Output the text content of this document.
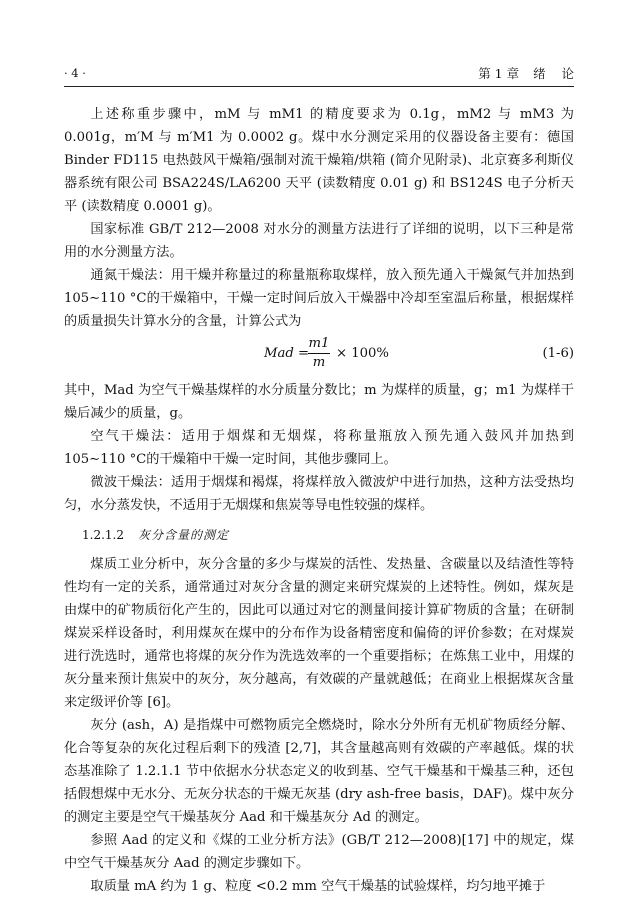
· 4 ·	第 1 章 绪    论

上述称重步骤中，mM 与 mM1 的精度要求为 0.1g，mM2 与 mM3 为 0.001g，m′M 与 m′M1 为 0.0002 g。煤中水分测定采用的仪器设备主要有：德国 Binder FD115 电热鼓风干燥箱/强制对流干燥箱/烘箱 (简介见附录)、北京赛多利斯仪器系统有限公司 BSA224S/LA6200 天平 (读数精度 0.01 g) 和 BS124S 电子分析天平 (读数精度 0.0001 g)。

国家标准 GB/T 212—2008 对水分的测量方法进行了详细的说明，以下三种是常用的水分测量方法。

通氮干燥法：用干燥并称量过的称量瓶称取煤样，放入预先通入干燥氮气并加热到 105∼110 °C的干燥箱中，干燥一定时间后放入干燥器中冷却至室温后称量，根据煤样的质量损失计算水分的含量，计算公式为

Mad =
$\frac{m1}{m} \times 100\%$	(1-6)

其中，Mad 为空气干燥基煤样的水分质量分数比；m 为煤样的质量，g；m1 为煤样干燥后减少的质量，g。

空气干燥法：适用于烟煤和无烟煤，将称量瓶放入预先通入鼓风并加热到 105∼110 °C的干燥箱中干燥一定时间，其他步骤同上。

微波干燥法：适用于烟煤和褐煤，将煤样放入微波炉中进行加热，这种方法受热均匀，水分蒸发快，不适用于无烟煤和焦炭等导电性较强的煤样。

1.2.1.2 灰分含量的测定

煤质工业分析中，灰分含量的多少与煤炭的活性、发热量、含碳量以及结渣性等特性均有一定的关系，通常通过对灰分含量的测定来研究煤炭的上述特性。例如，煤灰是由煤中的矿物质衍化产生的，因此可以通过对它的测量间接计算矿物质的含量；在研制煤炭采样设备时，利用煤灰在煤中的分布作为设备精密度和偏倚的评价参数；在对煤炭进行洗选时，通常也将煤的灰分作为洗选效率的一个重要指标；在炼焦工业中，用煤的灰分量来预计焦炭中的灰分，灰分越高，有效碳的产量就越低；在商业上根据煤灰含量来定级评价等 [6]。

灰分 (ash，A) 是指煤中可燃物质完全燃烧时，除水分外所有无机矿物质经分解、化合等复杂的灰化过程后剩下的残渣 [2,7]，其含量越高则有效碳的产率越低。煤的状态基准除了 1.2.1.1 节中依据水分状态定义的收到基、空气干燥基和干燥基三种，还包括假想煤中无水分、无灰分状态的干燥无灰基 (dry ash-free basis，DAF)。煤中灰分的测定主要是空气干燥基灰分 Aad 和干燥基灰分 Ad 的测定。

参照 Aad 的定义和《煤的工业分析方法》(GB/T 212—2008)[17] 中的规定，煤中空气干燥基灰分 Aad 的测定步骤如下。

取质量 mA 约为 1 g、粒度 <0.2 mm 空气干燥基的试验煤样，均匀地平摊于
